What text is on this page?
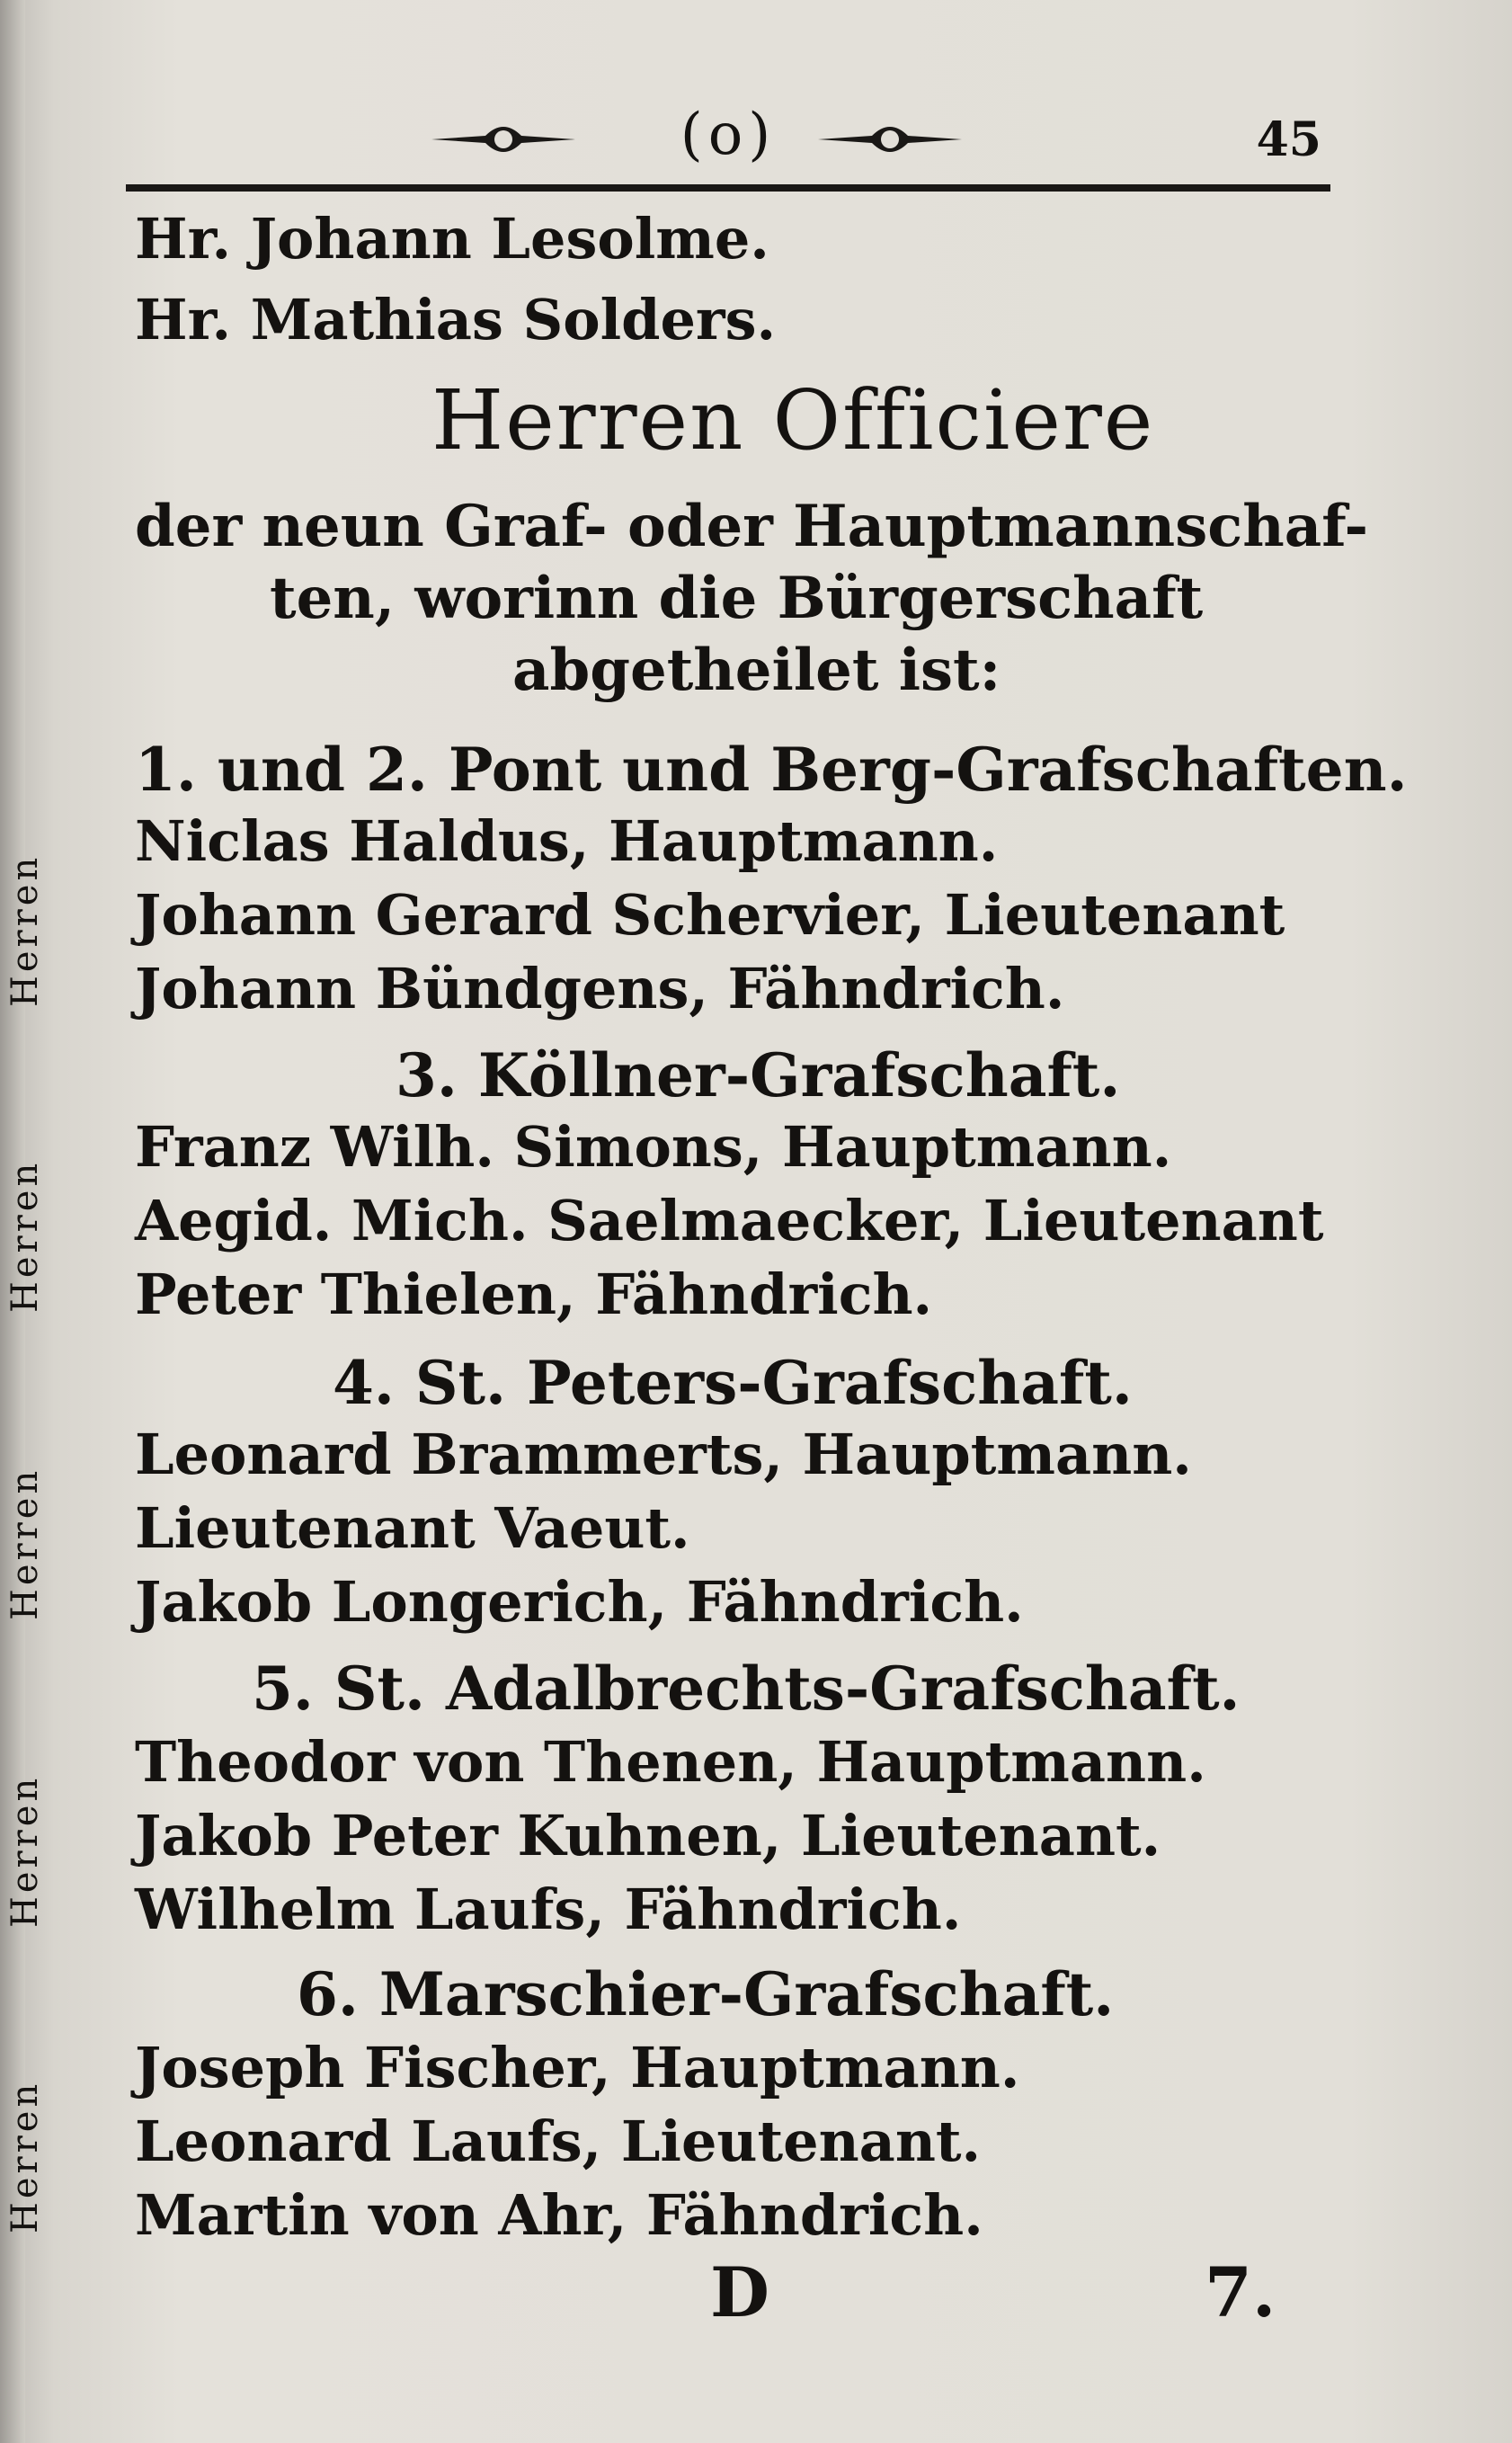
(o)	45
Hr. Johann Lesolme.
Hr. Mathias Solders.
Herren Officiere
der neun Graf- oder Hauptmannschaf-
ten, worinn die Bürgerschaft
abgetheilet ist:
1. und 2. Pont und Berg-Grafschaften.
Niclas Haldus, Hauptmann.
Johann Gerard Schervier, Lieutenant
Johann Bündgens, Fähndrich.
3. Köllner-Grafschaft.
Franz Wilh. Simons, Hauptmann.
Aegid. Mich. Saelmaecker, Lieutenant
Peter Thielen, Fähndrich.
4. St. Peters-Grafschaft.
Leonard Brammerts, Hauptmann.
Lieutenant Vaeut.
Jakob Longerich, Fähndrich.
5. St. Adalbrechts-Grafschaft.
Theodor von Thenen, Hauptmann.
Jakob Peter Kuhnen, Lieutenant.
Wilhelm Laufs, Fähndrich.
6. Marschier-Grafschaft.
Joseph Fischer, Hauptmann.
Leonard Laufs, Lieutenant.
Martin von Ahr, Fähndrich.
Herren
Herren
Herren
Herren
Herren
D	7.
